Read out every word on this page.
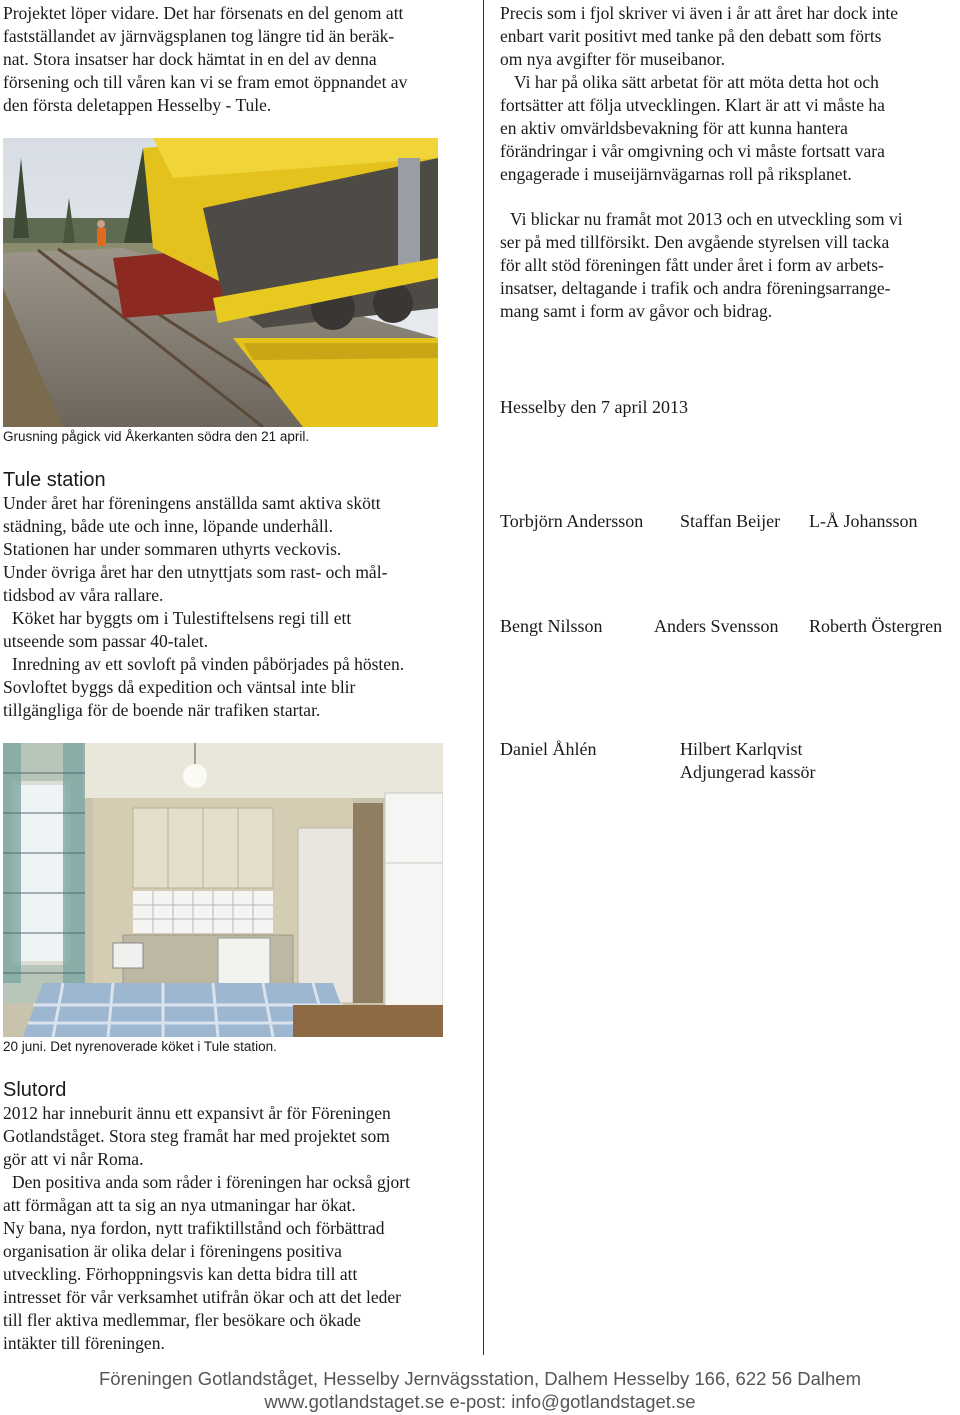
Projektet löper vidare. Det har försenats en del genom att
fastställandet av järnvägsplanen tog längre tid än beräk-
nat. Stora insatser har dock hämtat in en del av denna
försening och till våren kan vi se fram emot öppnandet av
den första deletappen Hesselby - Tule.
Grusning pågick vid Åkerkanten södra den 21 april.
Tule station
Under året har föreningens anställda samt aktiva skött
städning, både ute och inne, löpande underhåll.
Stationen har under sommaren uthyrts veckovis.
Under övriga året har den utnyttjats som rast- och mål-
tidsbod av våra rallare.
Köket har byggts om i Tulestiftelsens regi till ett
utseende som passar 40-talet.
Inredning av ett sovloft på vinden påbörjades på hösten.
Sovloftet byggs då expedition och väntsal inte blir
tillgängliga för de boende när trafiken startar.
20 juni. Det nyrenoverade köket i Tule station.
Slutord
2012 har inneburit ännu ett expansivt år för Föreningen
Gotlandståget. Stora steg framåt har med projektet som
gör att vi når Roma.
Den positiva anda som råder i föreningen har också gjort
att förmågan att ta sig an nya utmaningar har ökat.
Ny bana, nya fordon, nytt trafiktillstånd och förbättrad
organisation är olika delar i föreningens positiva
utveckling. Förhoppningsvis kan detta bidra till att
intresset för vår verksamhet utifrån ökar och att det leder
till fler aktiva medlemmar, fler besökare och ökade
intäkter till föreningen.
Precis som i fjol skriver vi även i år att året har dock inte
enbart varit positivt med tanke på den debatt som förts
om nya avgifter för museibanor.
Vi har på olika sätt arbetat för att möta detta hot och
fortsätter att följa utvecklingen. Klart är att vi måste ha
en aktiv omvärldsbevakning för att kunna hantera
förändringar i vår omgivning och vi måste fortsatt vara
engagerade i museijärnvägarnas roll på riksplanet.
Vi blickar nu framåt mot 2013 och en utveckling som vi
ser på med tillförsikt. Den avgående styrelsen vill tacka
för allt stöd föreningen fått under året i form av arbets-
insatser, deltagande i trafik och andra föreningsarrange-
mang samt i form av gåvor och bidrag.
Hesselby den 7 april 2013
Torbjörn Andersson Staffan Beijer L-Å Johansson
Bengt Nilsson	Anders Svensson Roberth Östergren
Daniel Åhlén	Hilbert Karlqvist
Adjungerad kassör
Föreningen Gotlandståget, Hesselby Jernvägsstation, Dalhem Hesselby 166, 622 56 Dalhem
www.gotlandstaget.se e-post: info@gotlandstaget.se
